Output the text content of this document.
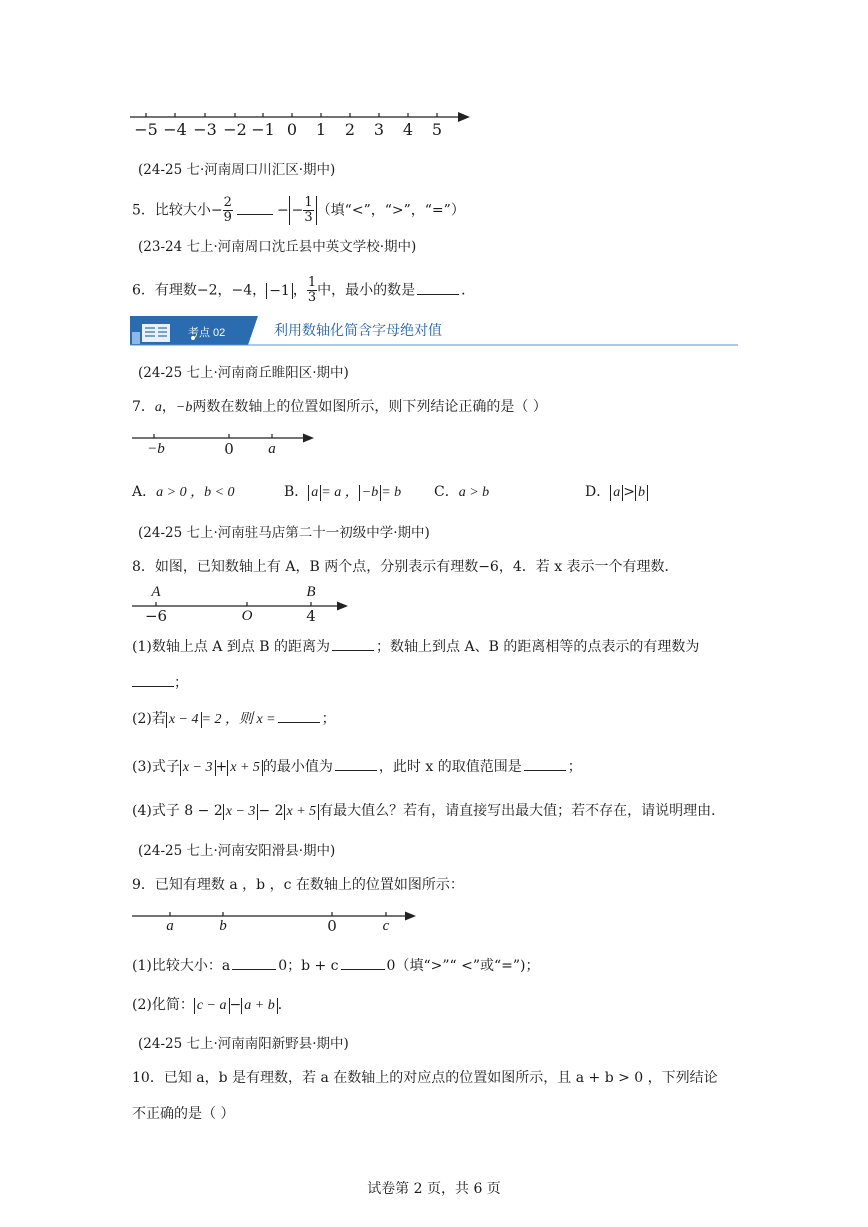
−5 −4 −3 −2 −1 0 1 2 3 4 5
(24-25 七·河南周口川汇区·期中)
5．比较大小− $\frac{2}{9}$	− − $\frac{1}{3}$ （填“<”，“>”，“=”）
(23-24 七上·河南周口沈丘县中英文学校·期中)
6．有理数−2，−4， −1 ， $\frac{1}{3}$ 中，最小的数是	．
考点 02	利用数轴化简含字母绝对值
(24-25 七上·河南商丘睢阳区·期中)
7．a，−b两数在数轴上的位置如图所示，则下列结论正确的是（ ）
−b	0 a
A．a > 0 ，b < 0	B． a = a ， −b = b C．a > b	D． a > b
(24-25 七上·河南驻马店第二十一初级中学·期中)
8．如图，已知数轴上有 A，B 两个点，分别表示有理数−6，4．若 x 表示一个有理数．
A	B
−6	O	4
(1)数轴上点 A 到点 B 的距离为	；数轴上到点 A、B 的距离相等的点表示的有理数为
；
(2)若 x − 4 = 2 ，则 x =	；
(3)式子 x − 3 + x + 5 的最小值为	，此时 x 的取值范围是	；
(4)式子 8 − 2 x − 3 − 2 x + 5 有最大值么？若有，请直接写出最大值；若不存在，请说明理由．
(24-25 七上·河南安阳滑县·期中)
9．已知有理数 a ，b ，c 在数轴上的位置如图所示：
a	b	0	c
(1)比较大小：a	0；b + c	0（填“>”“ <”或“=”)；
(2)化简： c − a − a + b ．
(24-25 七上·河南南阳新野县·期中)
10．已知 a，b 是有理数，若 a 在数轴上的对应点的位置如图所示，且 a + b > 0 ，下列结论
不正确的是（ ）
试卷第 2 页，共 6 页
